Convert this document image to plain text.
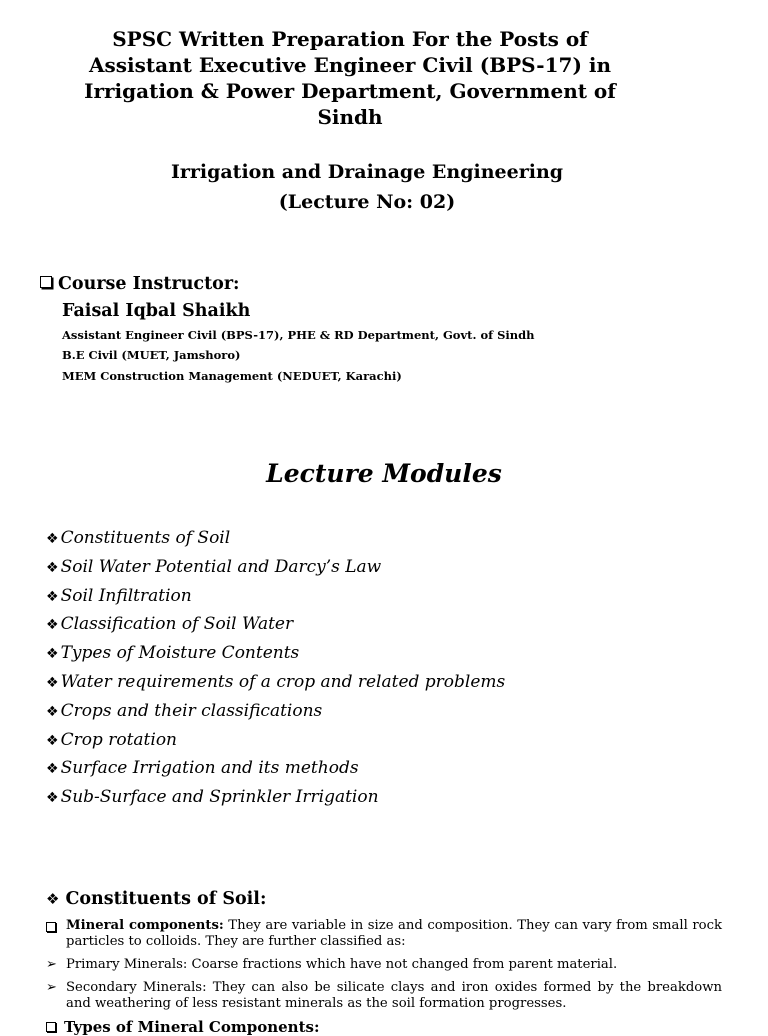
SPSC Written Preparation For the Posts of
Assistant Executive Engineer Civil (BPS-17) in
Irrigation & Power Department, Government of
Sindh
Irrigation and Drainage Engineering
(Lecture No: 02)
Course Instructor:
Faisal Iqbal Shaikh
Assistant Engineer Civil (BPS-17), PHE & RD Department, Govt. of Sindh
B.E Civil (MUET, Jamshoro)
MEM Construction Management (NEDUET, Karachi)
Lecture Modules
❖ Constituents of Soil
❖ Soil Water Potential and Darcy’s Law
❖ Soil Infiltration
❖ Classification of Soil Water
❖ Types of Moisture Contents
❖ Water requirements of a crop and related problems
❖ Crops and their classifications
❖ Crop rotation
❖ Surface Irrigation and its methods
❖ Sub-Surface and Sprinkler Irrigation
❖ Constituents of Soil:
Mineral components: They are variable in size and composition. They can vary from small rock particles to colloids. They are further classified as:
➢ Primary Minerals: Coarse fractions which have not changed from parent material.
➢ Secondary Minerals: They can also be silicate clays and iron oxides formed by the breakdown and weathering of less resistant minerals as the soil formation progresses.
Types of Mineral Components:
